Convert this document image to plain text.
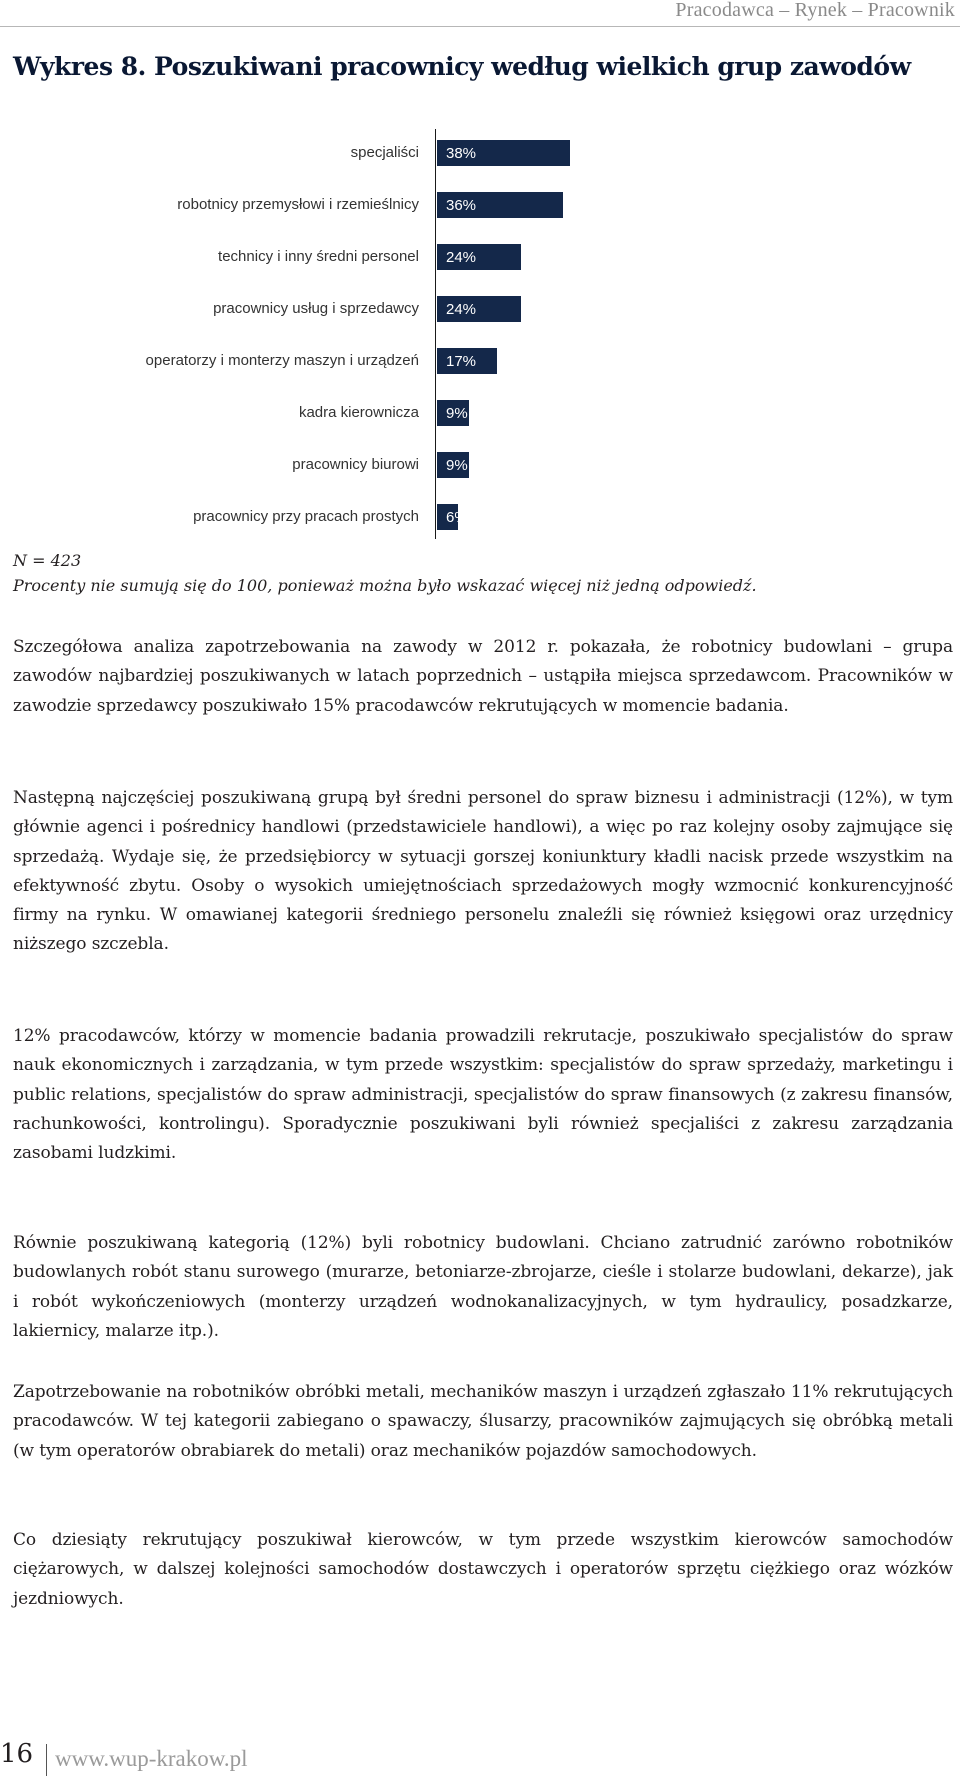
Pracodawca – Rynek – Pracownik
Wykres 8. Poszukiwani pracownicy według wielkich grup zawodów
specjaliści 38%
robotnicy przemysłowi i rzemieślnicy 36%
technicy i inny średni personel 24%
pracownicy usług i sprzedawcy 24%
operatorzy i monterzy maszyn i urządzeń 17%
kadra kierownicza 9%
pracownicy biurowi 9%
pracownicy przy pracach prostych 6%
N = 423
Procenty nie sumują się do 100, ponieważ można było wskazać więcej niż jedną odpowiedź.

Szczegółowa analiza zapotrzebowania na zawody w 2012 r. pokazała, że robotnicy budowlani – grupa zawodów najbardziej poszukiwanych w latach poprzednich – ustąpiła miejsca sprzedawcom. Pracowników w zawodzie sprzedawcy poszukiwało 15% pracodawców rekrutujących w momencie badania.

Następną najczęściej poszukiwaną grupą był średni personel do spraw biznesu i administracji (12%), w tym głównie agenci i pośrednicy handlowi (przedstawiciele handlowi), a więc po raz kolejny osoby zajmujące się sprzedażą. Wydaje się, że przedsiębiorcy w sytuacji gorszej koniunktury kładli nacisk przede wszystkim na efektywność zbytu. Osoby o wysokich umiejętnościach sprzedażowych mogły wzmocnić konkurencyjność firmy na rynku. W omawianej kategorii średniego personelu znaleźli się również księgowi oraz urzędnicy niższego szczebla.

12% pracodawców, którzy w momencie badania prowadzili rekrutacje, poszukiwało specjalistów do spraw nauk ekonomicznych i zarządzania, w tym przede wszystkim: specjalistów do spraw sprzedaży, marketingu i public relations, specjalistów do spraw administracji, specjalistów do spraw finansowych (z zakresu finansów, rachunkowości, kontrolingu). Sporadycznie poszukiwani byli również specjaliści z zakresu zarządzania zasobami ludzkimi.

Równie poszukiwaną kategorią (12%) byli robotnicy budowlani. Chciano zatrudnić zarówno robotników budowlanych robót stanu surowego (murarze, betoniarze-zbrojarze, cieśle i stolarze budowlani, dekarze), jak i robót wykończeniowych (monterzy urządzeń wodnokanalizacyjnych, w tym hydraulicy, posadzkarze, lakiernicy, malarze itp.).

Zapotrzebowanie na robotników obróbki metali, mechaników maszyn i urządzeń zgłaszało 11% rekrutujących pracodawców. W tej kategorii zabiegano o spawaczy, ślusarzy, pracowników zajmujących się obróbką metali (w tym operatorów obrabiarek do metali) oraz mechaników pojazdów samochodowych.

Co dziesiąty rekrutujący poszukiwał kierowców, w tym przede wszystkim kierowców samochodów ciężarowych, w dalszej kolejności samochodów dostawczych i operatorów sprzętu ciężkiego oraz wózków jezdniowych.

16 www.wup-krakow.pl
